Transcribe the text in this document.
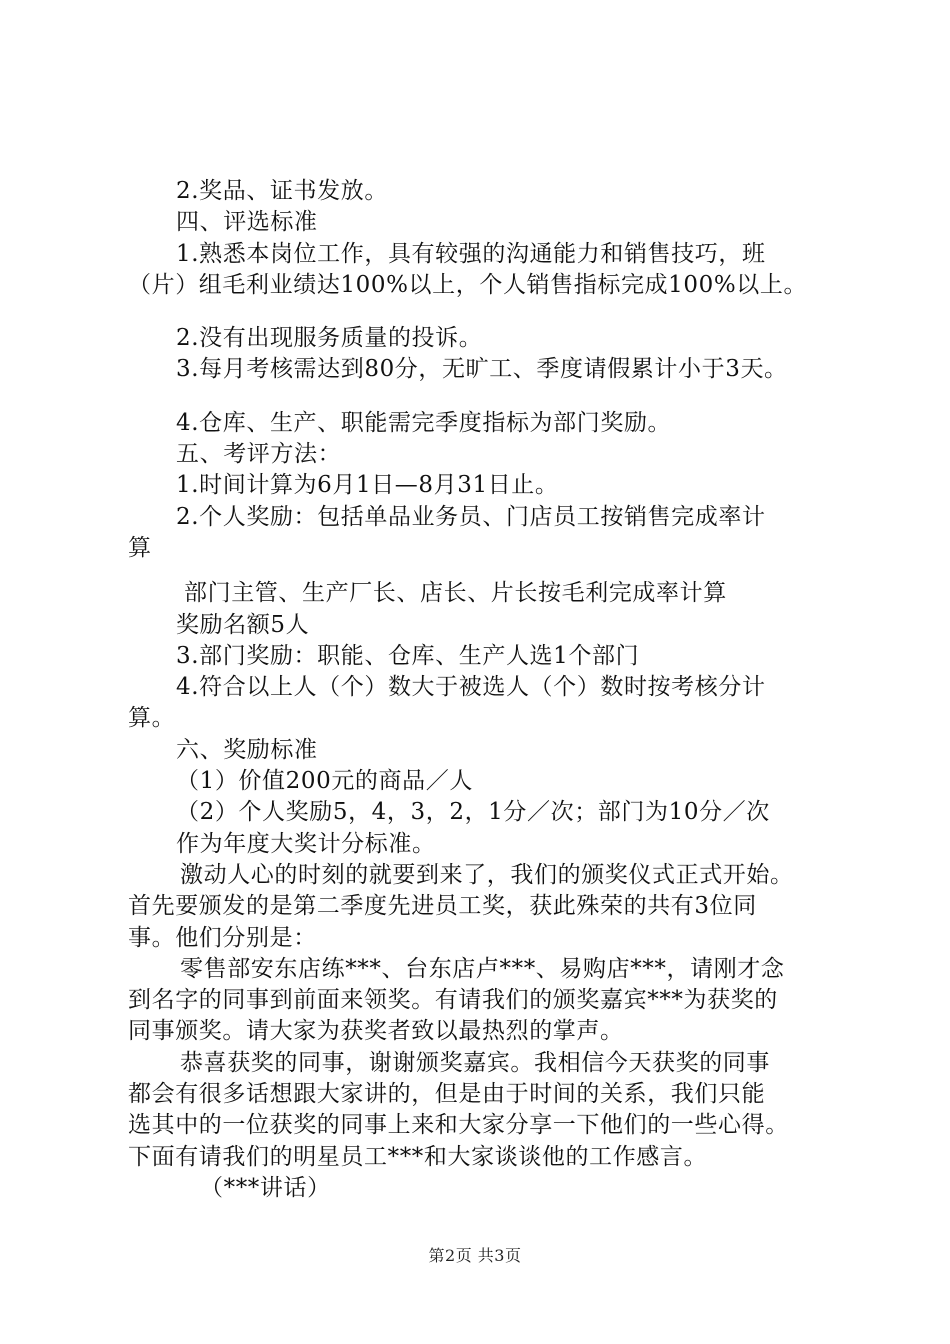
2.奖品、证书发放。
四、评选标准
1.熟悉本岗位工作，具有较强的沟通能力和销售技巧，班
（片）组毛利业绩达100%以上，个人销售指标完成100%以上。
2.没有出现服务质量的投诉。
3.每月考核需达到80分，无旷工、季度请假累计小于3天。
4.仓库、生产、职能需完季度指标为部门奖励。
五、考评方法：
1.时间计算为6月1日—8月31日止。
2.个人奖励：包括单品业务员、门店员工按销售完成率计
算
部门主管、生产厂长、店长、片长按毛利完成率计算
奖励名额5人
3.部门奖励：职能、仓库、生产人选1个部门
4.符合以上人（个）数大于被选人（个）数时按考核分计
算。
六、奖励标准
（1）价值200元的商品／人
（2）个人奖励5，4，3，2，1分／次；部门为10分／次
作为年度大奖计分标准。
激动人心的时刻的就要到来了，我们的颁奖仪式正式开始。
首先要颁发的是第二季度先进员工奖，获此殊荣的共有3位同
事。他们分别是：
零售部安东店练***、台东店卢***、易购店***，请刚才念
到名字的同事到前面来领奖。有请我们的颁奖嘉宾***为获奖的
同事颁奖。请大家为获奖者致以最热烈的掌声。
恭喜获奖的同事，谢谢颁奖嘉宾。我相信今天获奖的同事
都会有很多话想跟大家讲的，但是由于时间的关系，我们只能
选其中的一位获奖的同事上来和大家分享一下他们的一些心得。
下面有请我们的明星员工***和大家谈谈他的工作感言。
（***讲话）
第2页 共3页
